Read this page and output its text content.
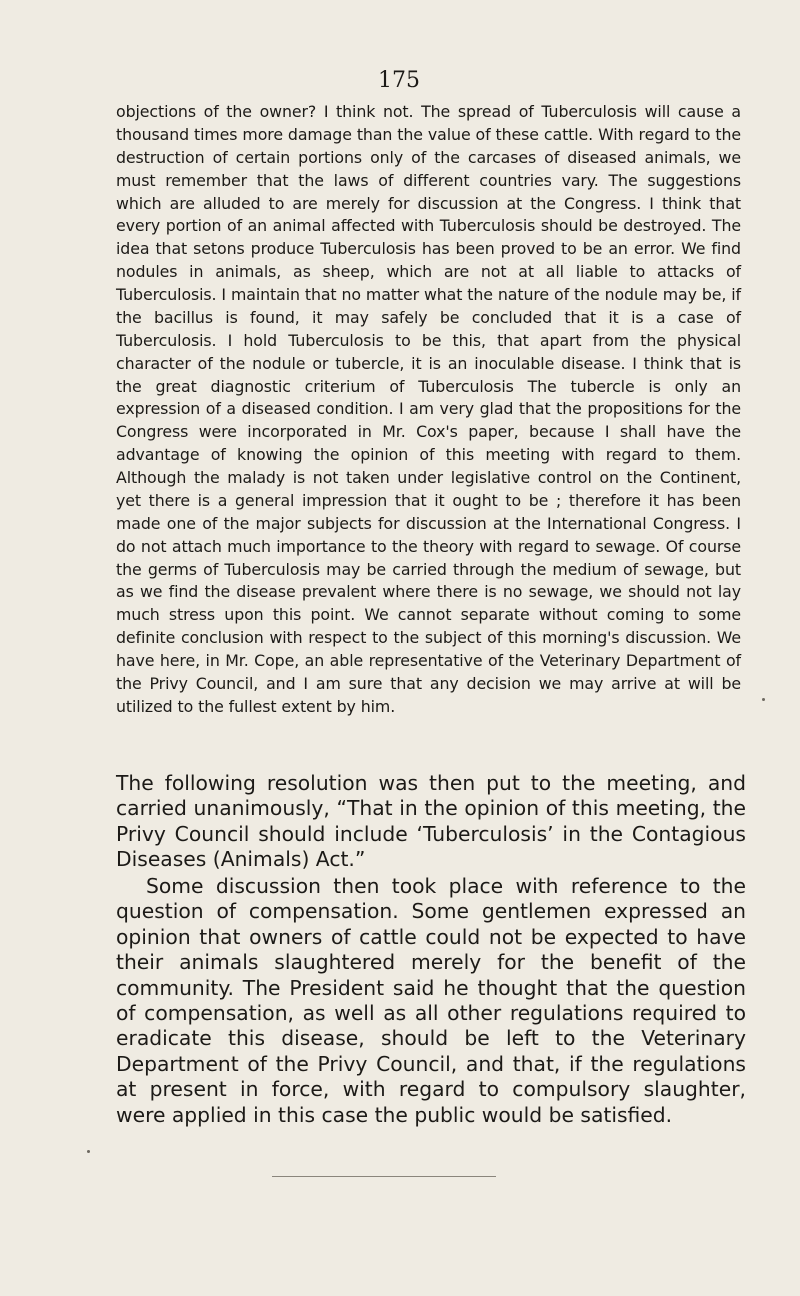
175

objections of the owner? I think not. The spread of Tuberculosis will cause a thousand times more damage than the value of these cattle. With regard to the destruction of certain portions only of the carcases of diseased animals, we must remember that the laws of different countries vary. The suggestions which are alluded to are merely for discussion at the Congress. I think that every portion of an animal affected with Tuberculosis should be destroyed. The idea that setons produce Tuberculosis has been proved to be an error. We find nodules in animals, as sheep, which are not at all liable to attacks of Tuberculosis. I maintain that no matter what the nature of the nodule may be, if the bacillus is found, it may safely be concluded that it is a case of Tuberculosis. I hold Tuberculosis to be this, that apart from the physical character of the nodule or tubercle, it is an inoculable disease. I think that is the great diagnostic criterium of Tuberculosis The tubercle is only an expression of a diseased condition. I am very glad that the propositions for the Congress were incorporated in Mr. Cox's paper, because I shall have the advantage of knowing the opinion of this meeting with regard to them. Although the malady is not taken under legislative control on the Continent, yet there is a general impression that it ought to be ; therefore it has been made one of the major subjects for discussion at the International Congress. I do not attach much importance to the theory with regard to sewage. Of course the germs of Tuberculosis may be carried through the medium of sewage, but as we find the disease prevalent where there is no sewage, we should not lay much stress upon this point. We cannot separate without coming to some definite conclusion with respect to the subject of this morning's discussion. We have here, in Mr. Cope, an able representative of the Veterinary Department of the Privy Council, and I am sure that any decision we may arrive at will be utilized to the fullest extent by him.

The following resolution was then put to the meeting, and carried unanimously, “That in the opinion of this meeting, the Privy Council should include ‘Tuberculosis’ in the Contagious Diseases (Animals) Act.”

Some discussion then took place with reference to the question of compensation. Some gentlemen expressed an opinion that owners of cattle could not be expected to have their animals slaughtered merely for the benefit of the community. The President said he thought that the question of compensation, as well as all other regulations required to eradicate this disease, should be left to the Veterinary Department of the Privy Council, and that, if the regulations at present in force, with regard to compulsory slaughter, were applied in this case the public would be satisfied.
